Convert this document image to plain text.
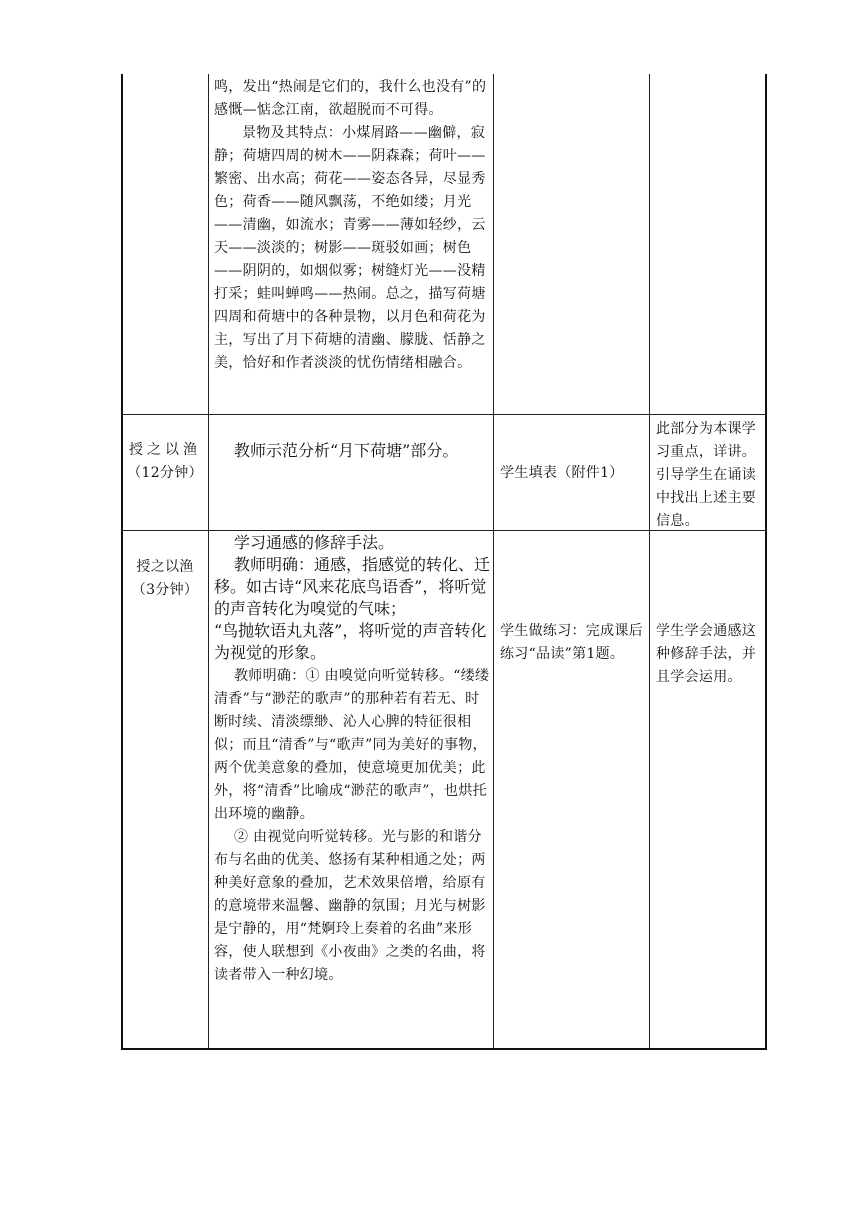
鸣，发出“热闹是它们的，我什么也没有”的感慨—惦念江南，欲超脱而不可得。

景物及其特点：小煤屑路——幽僻，寂静；荷塘四周的树木——阴森森；荷叶——繁密、出水高；荷花——姿态各异，尽显秀色；荷香——随风飘荡，不绝如缕；月光——清幽，如流水；青雾——薄如轻纱，云天——淡淡的；树影——斑驳如画；树色——阴阴的，如烟似雾；树缝灯光——没精打采；蛙叫蝉鸣——热闹。总之，描写荷塘四周和荷塘中的各种景物，以月色和荷花为主，写出了月下荷塘的清幽、朦胧、恬静之美，恰好和作者淡淡的忧伤情绪相融合。

授之以渔

（12分钟）

教师示范分析“月下荷塘”部分。

学生填表（附件1）

此部分为本课学习重点，详讲。引导学生在诵读中找出上述主要信息。

授之以渔

（3分钟）

学习通感的修辞手法。

教师明确：通感，指感觉的转化、迁移。如古诗“风来花底鸟语香”，将听觉的声音转化为嗅觉的气味；

“鸟抛软语丸丸落”，将听觉的声音转化为视觉的形象。

教师明确：① 由嗅觉向听觉转移。“缕缕清香”与“渺茫的歌声”的那种若有若无、时断时续、清淡缥缈、沁人心脾的特征很相似；而且“清香”与“歌声”同为美好的事物，两个优美意象的叠加，使意境更加优美；此外，将“清香”比喻成“渺茫的歌声”，也烘托出环境的幽静。

② 由视觉向听觉转移。光与影的和谐分布与名曲的优美、悠扬有某种相通之处；两种美好意象的叠加，艺术效果倍增，给原有的意境带来温馨、幽静的氛围；月光与树影是宁静的，用“梵婀玲上奏着的名曲”来形容，使人联想到《小夜曲》之类的名曲，将读者带入一种幻境。

学生做练习：完成课后练习“品读”第1题。

学生学会通感这种修辞手法，并且学会运用。
